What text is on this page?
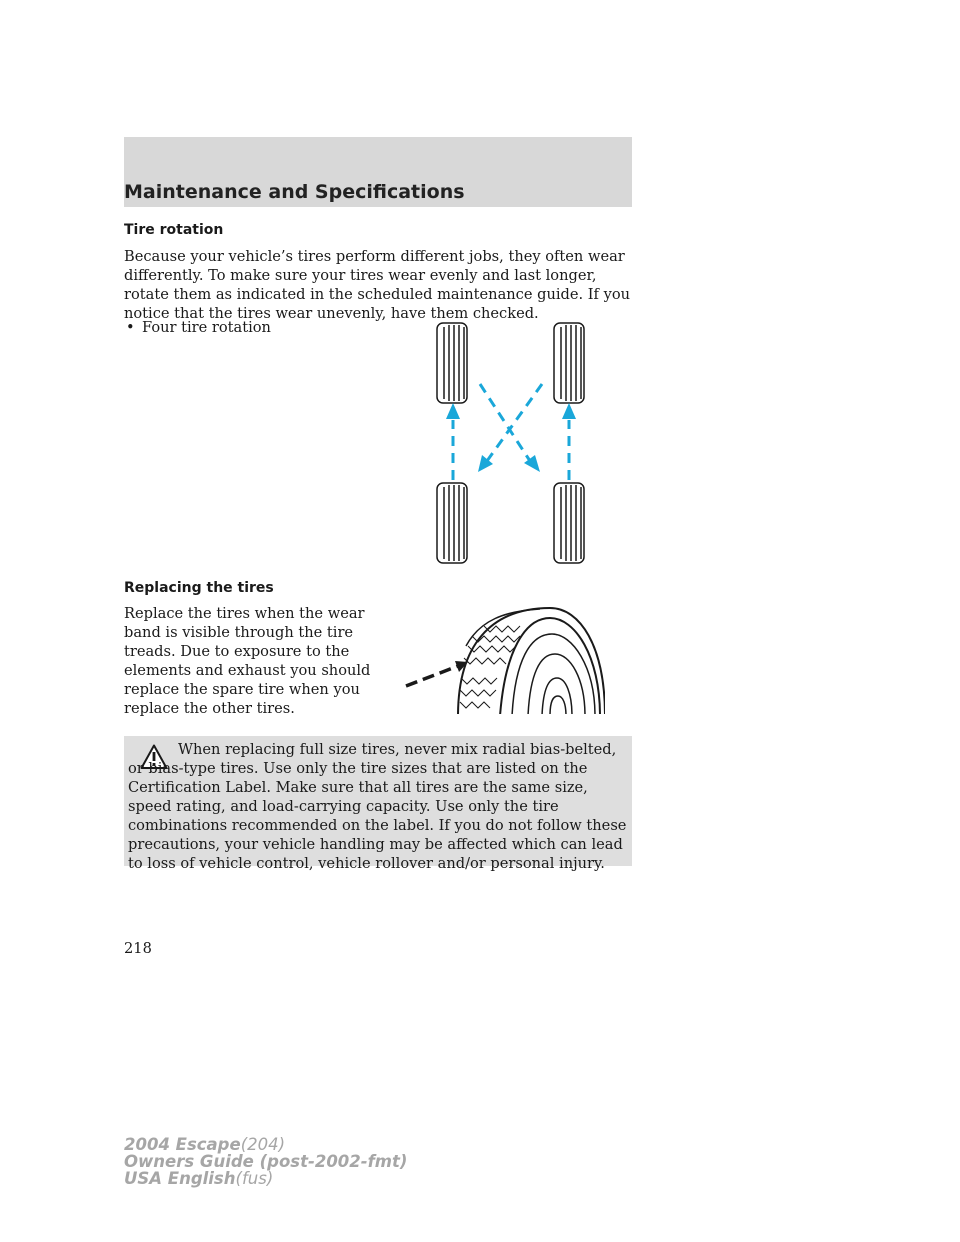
Maintenance and Specifications
Tire rotation

Because your vehicle’s tires perform different jobs, they often wear differently. To make sure your tires wear evenly and last longer, rotate them as indicated in the scheduled maintenance guide. If you notice that the tires wear unevenly, have them checked.

• Four tire rotation

Replacing the tires

Replace the tires when the wear band is visible through the tire treads. Due to exposure to the elements and exhaust you should replace the spare tire when you replace the other tires.

When replacing full size tires, never mix radial bias-belted, or bias-type tires. Use only the tire sizes that are listed on the Certification Label. Make sure that all tires are the same size, speed rating, and load-carrying capacity. Use only the tire combinations recommended on the label. If you do not follow these precautions, your vehicle handling may be affected which can lead to loss of vehicle control, vehicle rollover and/or personal injury.

218

2004 Escape(204)
Owners Guide (post-2002-fmt)
USA English(fus)
